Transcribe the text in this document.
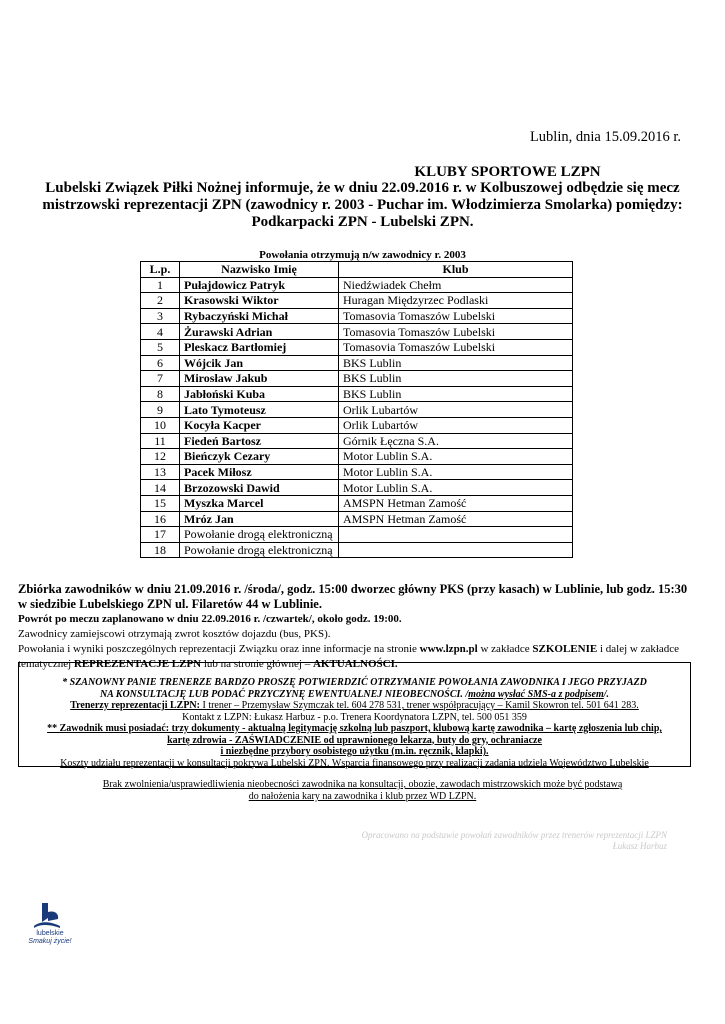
Lublin, dnia 15.09.2016 r.
KLUBY SPORTOWE LZPN
Lubelski Związek Piłki Nożnej informuje, że w dniu 22.09.2016 r. w Kolbuszowej odbędzie się mecz mistrzowski reprezentacji ZPN (zawodnicy r. 2003 - Puchar im. Włodzimierza Smolarka) pomiędzy: Podkarpacki ZPN - Lubelski ZPN.
Powołania otrzymują n/w zawodnicy r. 2003
L.p.	Nazwisko Imię	Klub
1	Pułajdowicz Patryk	Niedźwiadek Chełm
2	Krasowski Wiktor	Huragan Międzyrzec Podlaski
3	Rybaczyński Michał	Tomasovia Tomaszów Lubelski
4	Żurawski Adrian	Tomasovia Tomaszów Lubelski
5	Pleskacz Bartłomiej	Tomasovia Tomaszów Lubelski
6	Wójcik Jan	BKS Lublin
7	Mirosław Jakub	BKS Lublin
8	Jabłoński Kuba	BKS Lublin
9	Lato Tymoteusz	Orlik Lubartów
10	Kocyła Kacper	Orlik Lubartów
11	Fiedeń Bartosz	Górnik Łęczna S.A.
12	Bieńczyk Cezary	Motor Lublin S.A.
13	Pacek Miłosz	Motor Lublin S.A.
14	Brzozowski Dawid	Motor Lublin S.A.
15	Myszka Marcel	AMSPN Hetman Zamość
16	Mróz Jan	AMSPN Hetman Zamość
17	Powołanie drogą elektroniczną	
18	Powołanie drogą elektroniczną	
Zbiórka zawodników w dniu 21.09.2016 r. /środa/, godz. 15:00 dworzec główny PKS (przy kasach) w Lublinie, lub godz. 15:30 w siedzibie Lubelskiego ZPN ul. Filaretów 44 w Lublinie.
Powrót po meczu zaplanowano w dniu 22.09.2016 r. /czwartek/, około godz. 19:00.
Zawodnicy zamiejscowi otrzymają zwrot kosztów dojazdu (bus, PKS).
Powołania i wyniki poszczególnych reprezentacji Związku oraz inne informacje na stronie www.lzpn.pl w zakładce SZKOLENIE i dalej w zakładce tematycznej REPREZENTACJE LZPN lub na stronie głównej – AKTUALNOŚCI.
* SZANOWNY PANIE TRENERZE BARDZO PROSZĘ POTWIERDZIĆ OTRZYMANIE POWOŁANIA ZAWODNIKA I JEGO PRZYJAZD
NA KONSULTACJĘ LUB PODAĆ PRZYCZYNĘ EWENTUALNEJ NIEOBECNOŚCI. /można wysłać SMS-a z podpisem/.
Trenerzy reprezentacji LZPN: I trener – Przemysław Szymczak tel. 604 278 531, trener współpracujący – Kamil Skowron tel. 501 641 283.
Kontakt z LZPN: Łukasz Harbuz - p.o. Trenera Koordynatora LZPN, tel. 500 051 359
** Zawodnik musi posiadać: trzy dokumenty - aktualną legitymację szkolną lub paszport, klubową kartę zawodnika – kartę zgłoszenia lub chip,
kartę zdrowia - ZAŚWIADCZENIE od uprawnionego lekarza, buty do gry, ochraniacze
i niezbędne przybory osobistego użytku (m.in. ręcznik, klapki).
Koszty udziału reprezentacji w konsultacji pokrywa Lubelski ZPN. Wsparcia finansowego przy realizacji zadania udziela Województwo Lubelskie
Brak zwolnienia/usprawiedliwienia nieobecności zawodnika na konsultacji, obozie, zawodach mistrzowskich może być podstawą
do nałożenia kary na zawodnika i klub przez WD LZPN.
Opracowano na podstawie powołań zawodników przez trenerów reprezentacji LZPN
Łukasz Harbuz
lubelskie
Smakuj życie!
